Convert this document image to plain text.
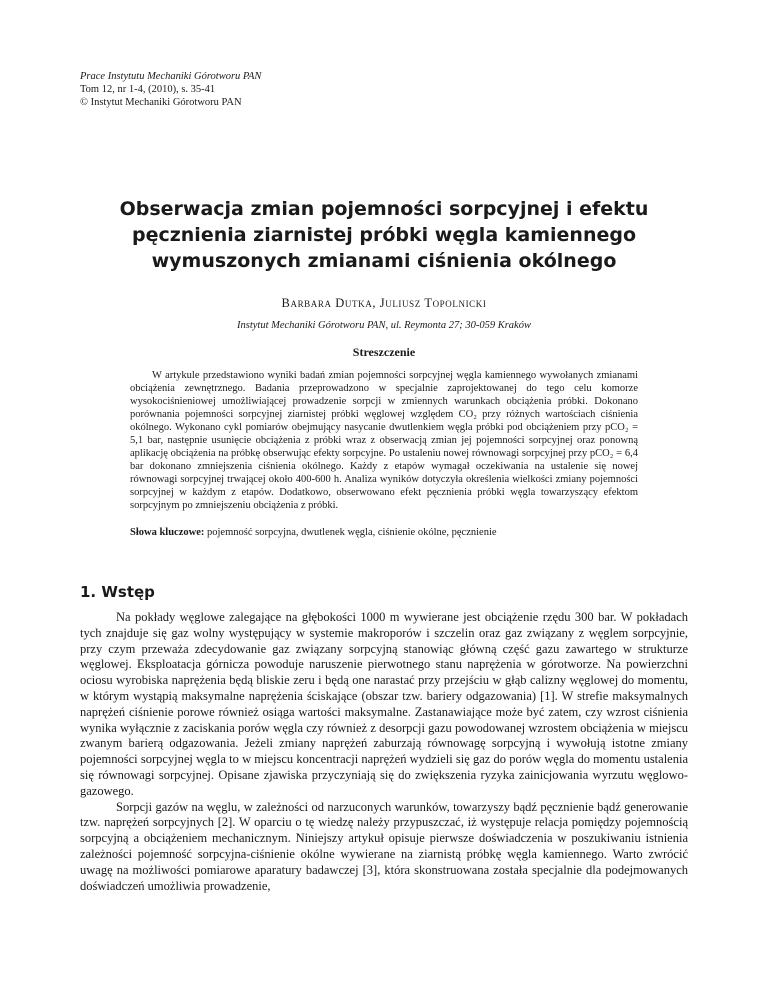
Prace Instytutu Mechaniki Górotworu PAN
Tom 12, nr 1-4, (2010), s. 35-41
© Instytut Mechaniki Górotworu PAN
Obserwacja zmian pojemności sorpcyjnej i efektu pęcznienia ziarnistej próbki węgla kamiennego wymuszonych zmianami ciśnienia okólnego
Barbara Dutka, Juliusz Topolnicki
Instytut Mechaniki Górotworu PAN, ul. Reymonta 27; 30-059 Kraków
Streszczenie

W artykule przedstawiono wyniki badań zmian pojemności sorpcyjnej węgla kamiennego wywołanych zmianami obciążenia zewnętrznego. Badania przeprowadzono w specjalnie zaprojektowanej do tego celu komorze wysokociśnieniowej umożliwiającej prowadzenie sorpcji w zmiennych warunkach obciążenia próbki. Dokonano porównania pojemności sorpcyjnej ziarnistej próbki węglowej względem CO₂ przy różnych wartościach ciśnienia okólnego. Wykonano cykl pomiarów obejmujący nasycanie dwutlenkiem węgla próbki pod obciążeniem przy pCO₂ = 5,1 bar, następnie usunięcie obciążenia z próbki wraz z obserwacją zmian jej pojemności sorpcyjnej oraz ponowną aplikację obciążenia na próbkę obserwując efekty sorpcyjne. Po ustaleniu nowej równowagi sorpcyjnej przy pCO₂ = 6,4 bar dokonano zmniejszenia ciśnienia okólnego. Każdy z etapów wymagał oczekiwania na ustalenie się nowej równowagi sorpcyjnej trwającej około 400-600 h. Analiza wyników dotyczyła określenia wielkości zmiany pojemności sorpcyjnej w każdym z etapów. Dodatkowo, obserwowano efekt pęcznienia próbki węgla towarzyszący efektom sorpcyjnym po zmniejszeniu obciążenia z próbki.

Słowa kluczowe: pojemność sorpcyjna, dwutlenek węgla, ciśnienie okólne, pęcznienie
1. Wstęp

Na pokłady węglowe zalegające na głębokości 1000 m wywierane jest obciążenie rzędu 300 bar. W pokładach tych znajduje się gaz wolny występujący w systemie makroporów i szczelin oraz gaz związany z węglem sorpcyjnie, przy czym przeważa zdecydowanie gaz związany sorpcyjną stanowiąc główną część gazu zawartego w strukturze węglowej. Eksploatacja górnicza powoduje naruszenie pierwotnego stanu naprężenia w górotworze. Na powierzchni ociosu wyrobiska naprężenia będą bliskie zeru i będą one narastać przy przejściu w głąb calizny węglowej do momentu, w którym wystąpią maksymalne naprężenia ściskające (obszar tzw. bariery odgazowania) [1]. W strefie maksymalnych naprężeń ciśnienie porowe również osiąga wartości maksymalne. Zastanawiające może być zatem, czy wzrost ciśnienia wynika wyłącznie z zaciskania porów węgla czy również z desorpcji gazu powodowanej wzrostem obciążenia w miejscu zwanym barierą odgazowania. Jeżeli zmiany naprężeń zaburzają równowagę sorpcyjną i wywołują istotne zmiany pojemności sorpcyjnej węgla to w miejscu koncentracji naprężeń wydzieli się gaz do porów węgla do momentu ustalenia się równowagi sorpcyjnej. Opisane zjawiska przyczyniają się do zwiększenia ryzyka zainicjowania wyrzutu węglowo-gazowego.

Sorpcji gazów na węglu, w zależności od narzuconych warunków, towarzyszy bądź pęcznienie bądź generowanie tzw. naprężeń sorpcyjnych [2]. W oparciu o tę wiedzę należy przypuszczać, iż występuje relacja pomiędzy pojemnością sorpcyjną a obciążeniem mechanicznym. Niniejszy artykuł opisuje pierwsze doświadczenia w poszukiwaniu istnienia zależności pojemność sorpcyjna-ciśnienie okólne wywierane na ziarnistą próbkę węgla kamiennego. Warto zwrócić uwagę na możliwości pomiarowe aparatury badawczej [3], która skonstruowana została specjalnie dla podejmowanych doświadczeń umożliwia prowadzenie,
